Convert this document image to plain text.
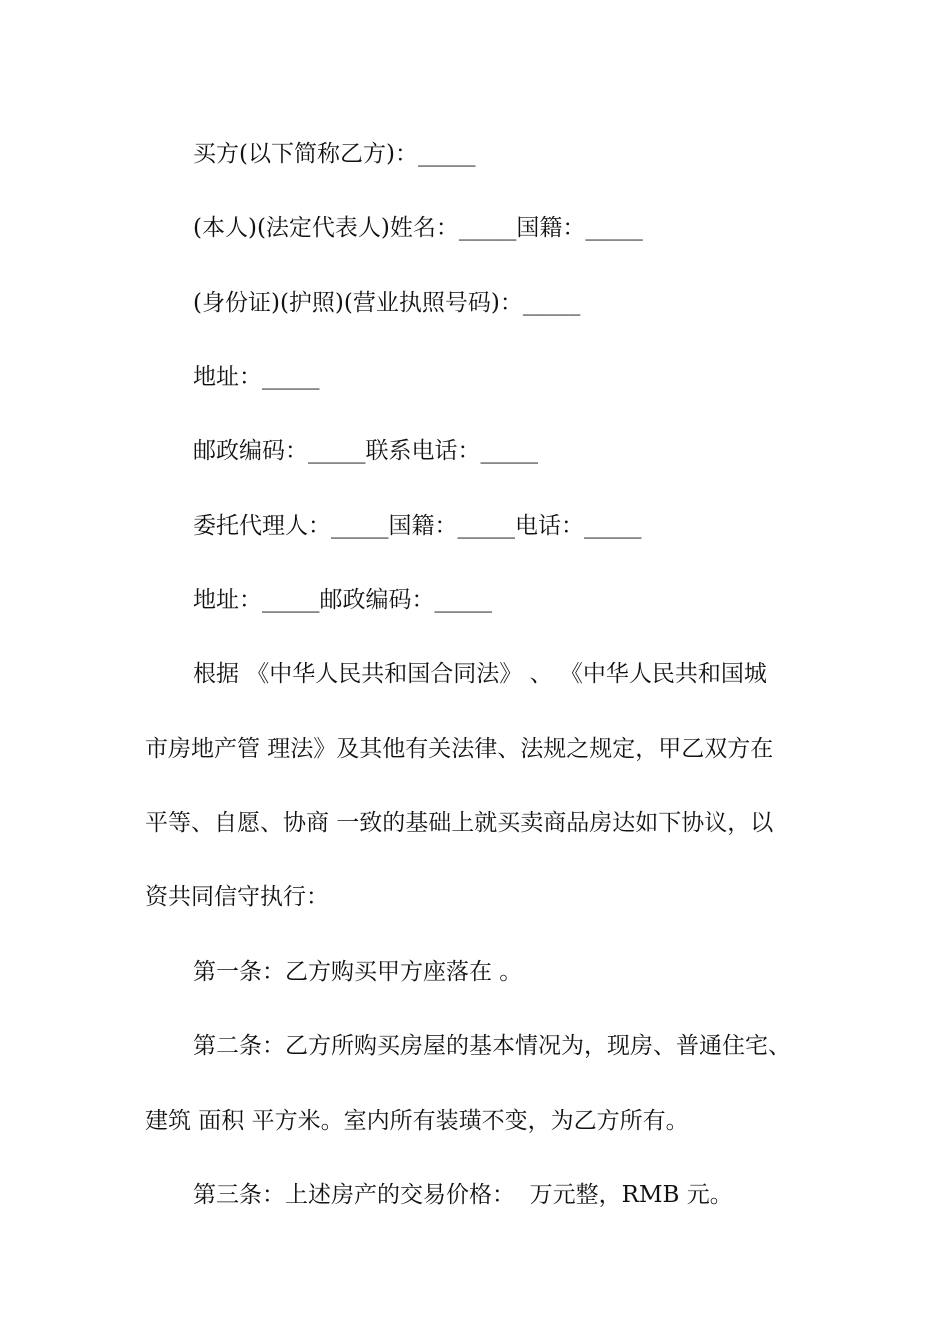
买方(以下简称乙方)：_____
(本人)(法定代表人)姓名：_____国籍：_____
(身份证)(护照)(营业执照号码)：_____
地址：_____
邮政编码：_____联系电话：_____
委托代理人：_____国籍：_____电话：_____
地址：_____邮政编码：_____
根据 《中华人民共和国合同法》 、 《中华人民共和国城
市房地产管 理法》及其他有关法律、法规之规定，甲乙双方在
平等、自愿、协商 一致的基础上就买卖商品房达如下协议，以
资共同信守执行：
第一条：乙方购买甲方座落在 。
第二条：乙方所购买房屋的基本情况为，现房、普通住宅、
建筑 面积 平方米。室内所有装璜不变，为乙方所有。
第三条：上述房产的交易价格：  万元整，RMB 元。
